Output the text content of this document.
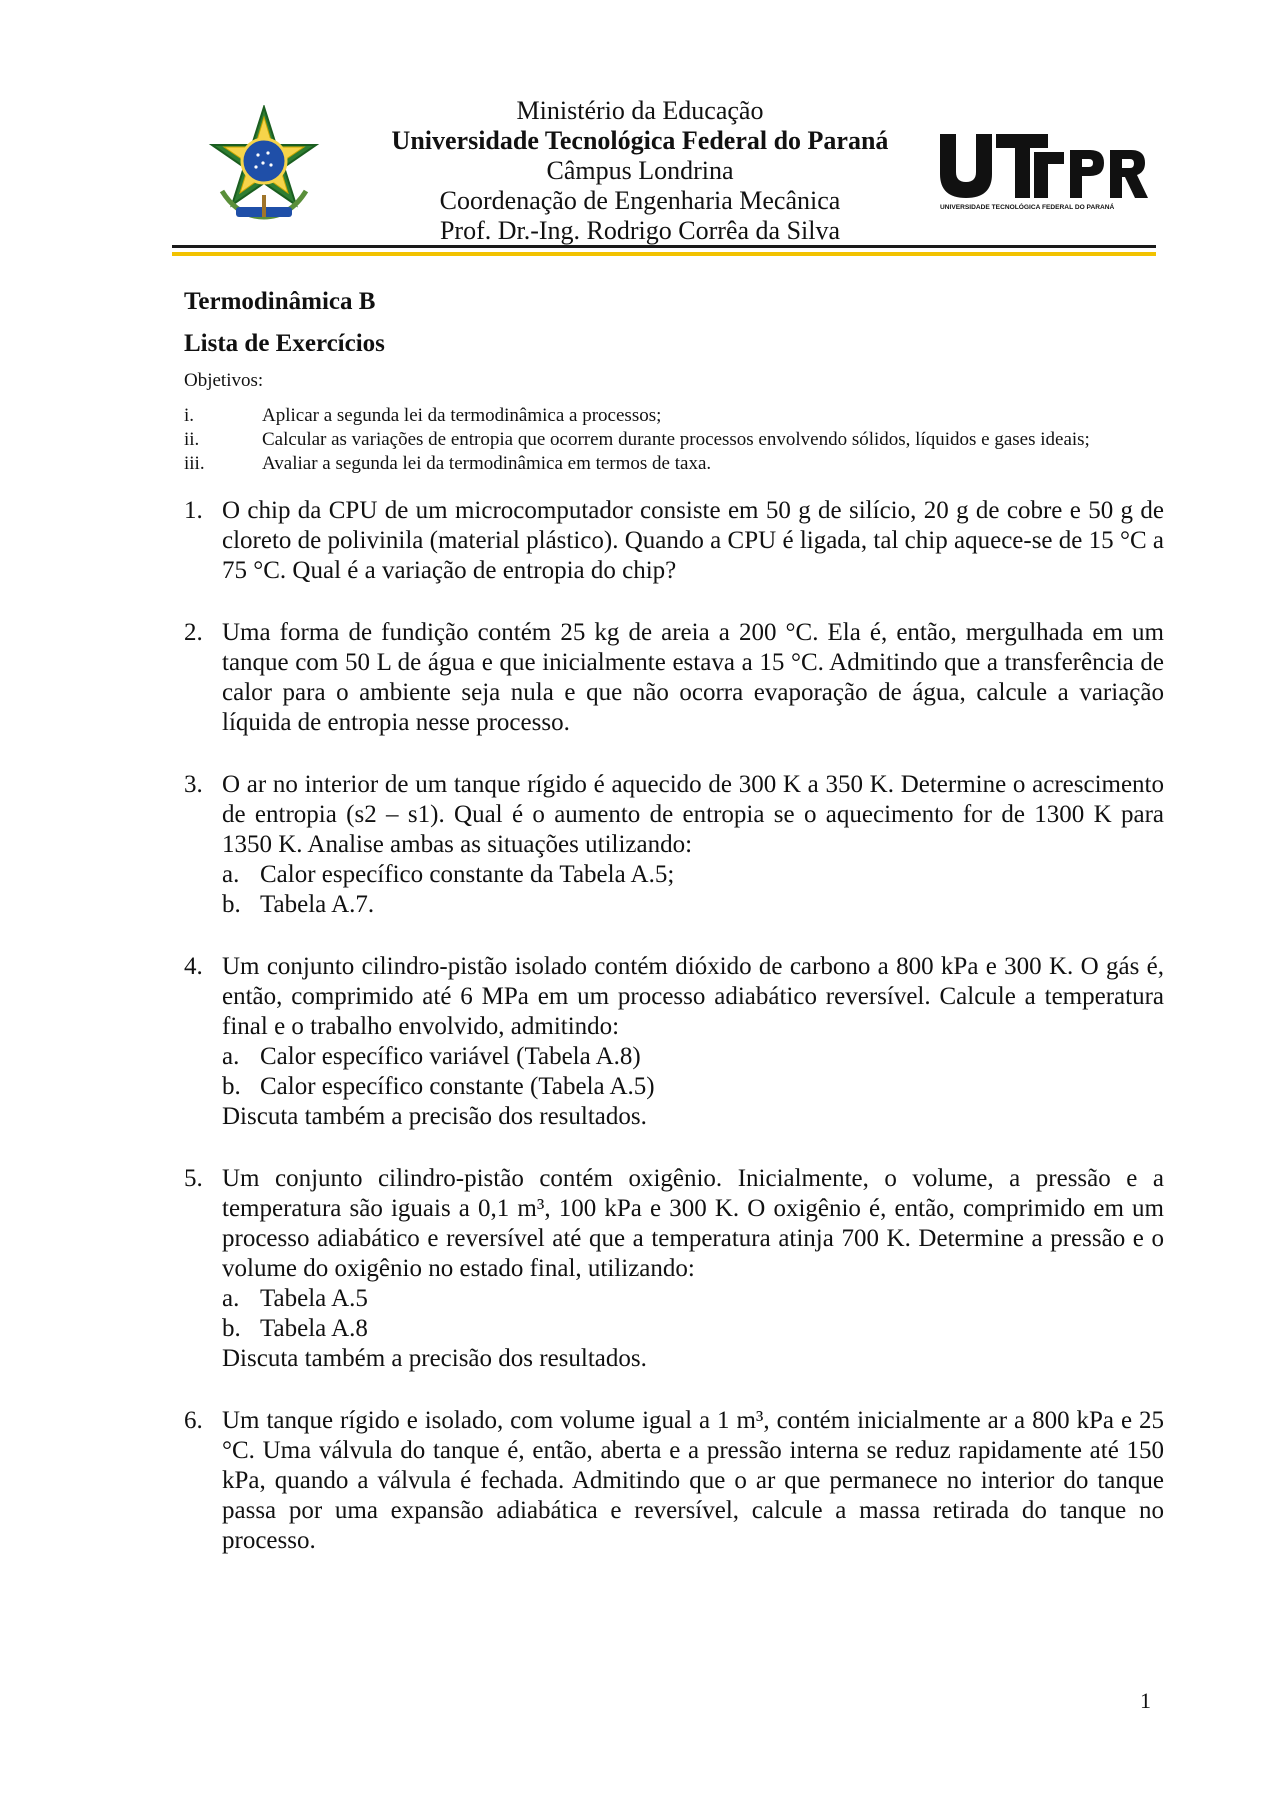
Ministério da Educação
Universidade Tecnológica Federal do Paraná
Câmpus Londrina
Coordenação de Engenharia Mecânica
Prof. Dr.-Ing. Rodrigo Corrêa da Silva
UNIVERSIDADE TECNOLÓGICA FEDERAL DO PARANÁ
Termodinâmica B
Lista de Exercícios
Objetivos:
i.	Aplicar a segunda lei da termodinâmica a processos;
ii.	Calcular as variações de entropia que ocorrem durante processos envolvendo sólidos, líquidos e gases ideais;
iii.	Avaliar a segunda lei da termodinâmica em termos de taxa.
1. O chip da CPU de um microcomputador consiste em 50 g de silício, 20 g de cobre e 50 g de cloreto de polivinila (material plástico). Quando a CPU é ligada, tal chip aquece-se de 15 °C a 75 °C. Qual é a variação de entropia do chip?

2. Uma forma de fundição contém 25 kg de areia a 200 °C. Ela é, então, mergulhada em um tanque com 50 L de água e que inicialmente estava a 15 °C. Admitindo que a transferência de calor para o ambiente seja nula e que não ocorra evaporação de água, calcule a variação líquida de entropia nesse processo.

3. O ar no interior de um tanque rígido é aquecido de 300 K a 350 K. Determine o acrescimento de entropia (s2 – s1). Qual é o aumento de entropia se o aquecimento for de 1300 K para 1350 K. Analise ambas as situações utilizando:

a. Calor específico constante da Tabela A.5;
b. Tabela A.7.
4. Um conjunto cilindro-pistão isolado contém dióxido de carbono a 800 kPa e 300 K. O gás é, então, comprimido até 6 MPa em um processo adiabático reversível. Calcule a temperatura final e o trabalho envolvido, admitindo:

a. Calor específico variável (Tabela A.8)
b. Calor específico constante (Tabela A.5)

Discuta também a precisão dos resultados.

5. Um conjunto cilindro-pistão contém oxigênio. Inicialmente, o volume, a pressão e a temperatura são iguais a 0,1 m³, 100 kPa e 300 K. O oxigênio é, então, comprimido em um processo adiabático e reversível até que a temperatura atinja 700 K. Determine a pressão e o volume do oxigênio no estado final, utilizando:

a. Tabela A.5
b. Tabela A.8

Discuta também a precisão dos resultados.

6. Um tanque rígido e isolado, com volume igual a 1 m³, contém inicialmente ar a 800 kPa e 25 °C. Uma válvula do tanque é, então, aberta e a pressão interna se reduz rapidamente até 150 kPa, quando a válvula é fechada. Admitindo que o ar que permanece no interior do tanque passa por uma expansão adiabática e reversível, calcule a massa retirada do tanque no processo.

1
